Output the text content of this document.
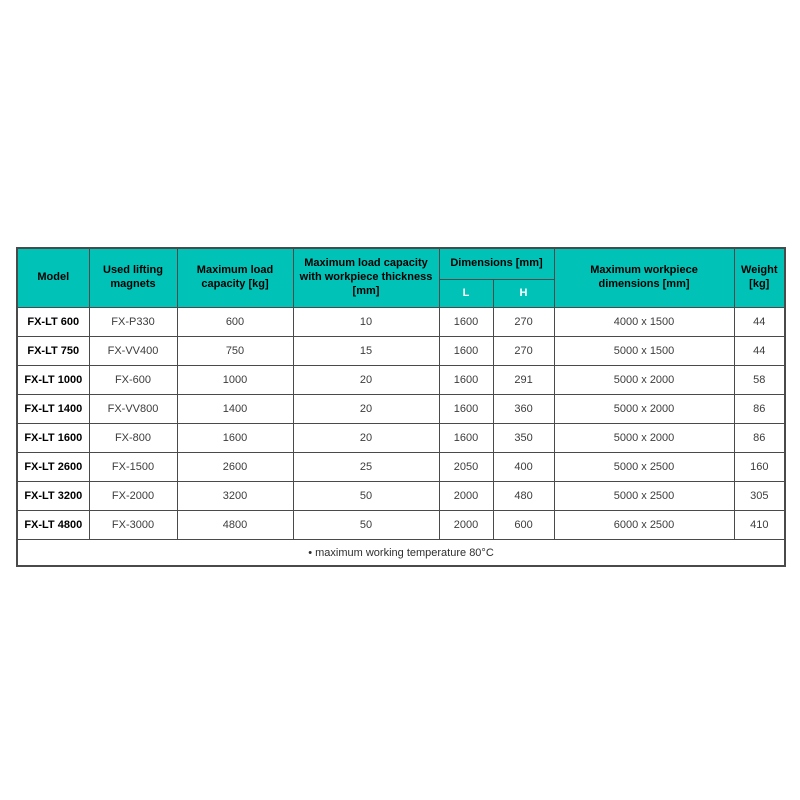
Model	Used lifting magnets	Maximum load capacity [kg]	Maximum load capacity with workpiece thickness [mm]	Dimensions [mm]		Maximum workpiece dimensions [mm]	Weight [kg]
				L	H		
FX-LT 600	FX-P330	600	10	1600	270	4000 x 1500	44
FX-LT 750	FX-VV400	750	15	1600	270	5000 x 1500	44
FX-LT 1000	FX-600	1000	20	1600	291	5000 x 2000	58
FX-LT 1400	FX-VV800	1400	20	1600	360	5000 x 2000	86
FX-LT 1600	FX-800	1600	20	1600	350	5000 x 2000	86
FX-LT 2600	FX-1500	2600	25	2050	400	5000 x 2500	160
FX-LT 3200	FX-2000	3200	50	2000	480	5000 x 2500	305
FX-LT 4800	FX-3000	4800	50	2000	600	6000 x 2500	410
• maximum working temperature 80°C							
